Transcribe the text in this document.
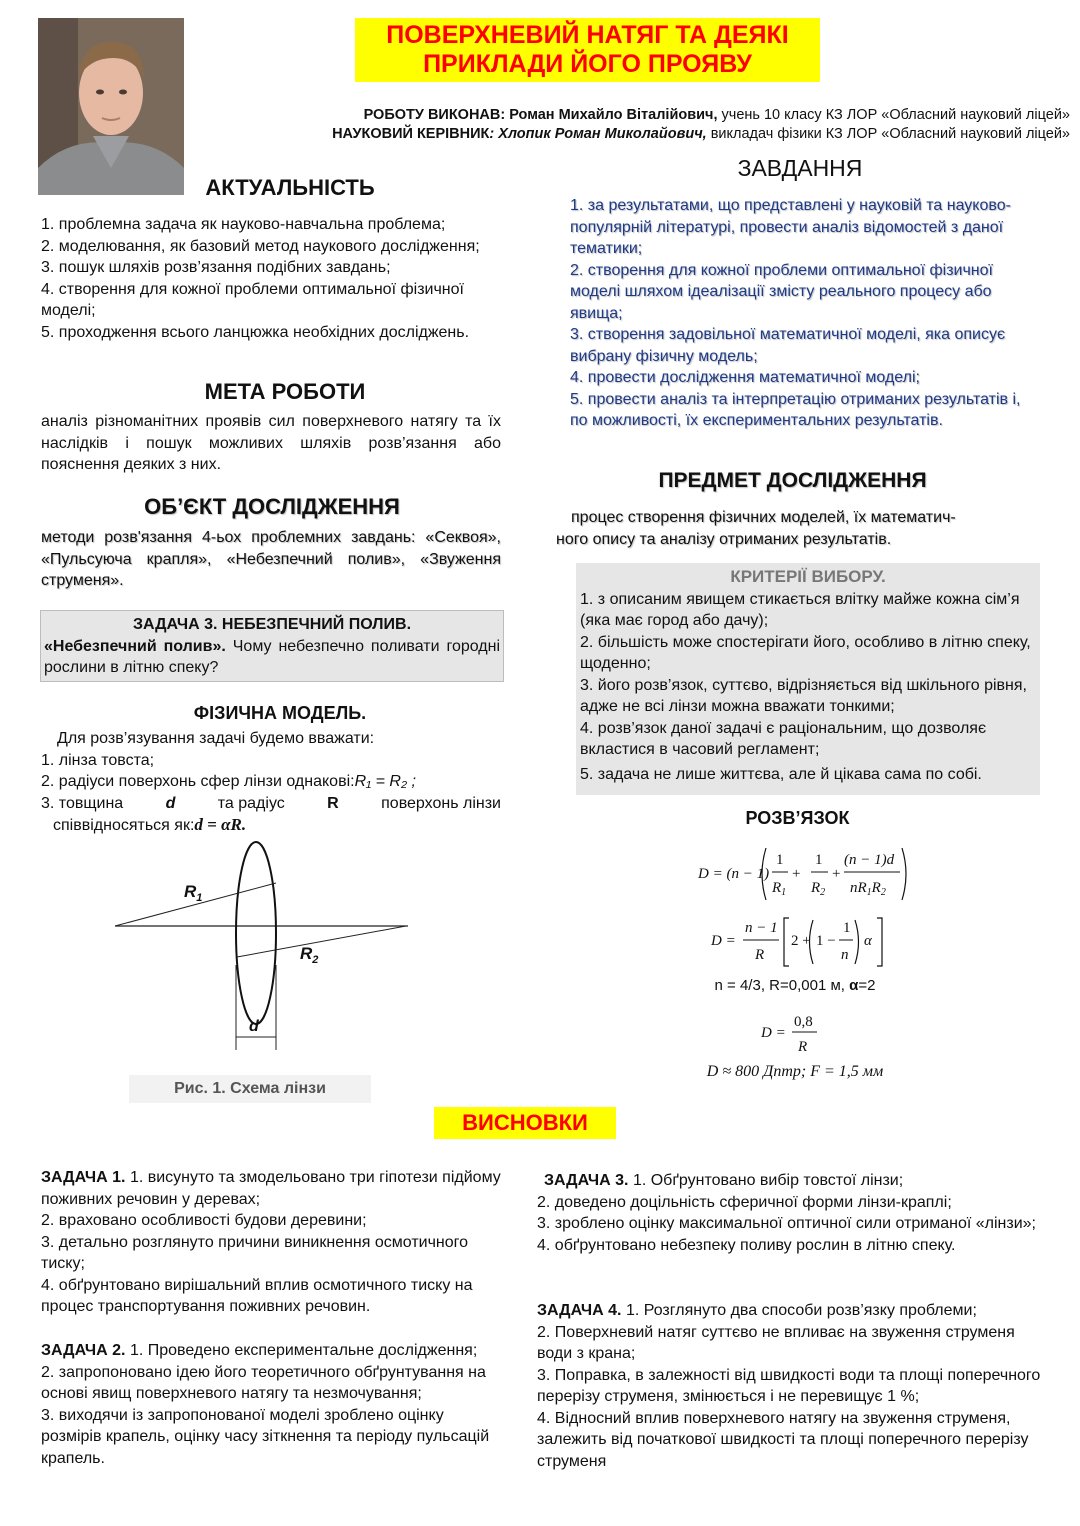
ПОВЕРХНЕВИЙ НАТЯГ ТА ДЕЯКІ
ПРИКЛАДИ ЙОГО ПРОЯВУ

РОБОТУ ВИКОНАВ: Роман Михайло Віталійович, учень 10 класу КЗ ЛОР «Обласний науковий ліцей»

НАУКОВИЙ КЕРІВНИК: Хлопик Роман Миколайович, викладач фізики КЗ ЛОР «Обласний науковий ліцей»

АКТУАЛЬНІСТЬ

1. проблемна задача як науково-навчальна проблема;

2. моделювання, як базовий метод наукового дослідження;

3. пошук шляхів розв’язання подібних завдань;

4. створення для кожної проблеми оптимальної фізичної моделі;

5. проходження всього ланцюжка необхідних досліджень.

МЕТА РОБОТИ
аналіз різноманітних проявів сил поверхневого натягу та їх наслідків і пошук можливих шляхів розв’язання або пояснення деяких з них.
ОБ’ЄКТ ДОСЛІДЖЕННЯ
методи розв'язання 4-ьох проблемних завдань: «Секвоя», «Пульсуюча крапля», «Небезпечний полив», «Звуження струменя».
ЗАДАЧА 3. НЕБЕЗПЕЧНИЙ ПОЛИВ.
«Небезпечний полив». Чому небезпечно поливати городні рослини в літню спеку?
ФІЗИЧНА МОДЕЛЬ.

Для розв’язування задачі будемо вважати:

1. лінза товста;

2. радіуси поверхонь сфер лінзи однакові:R₁ = R₂ ;

3. товщина	d	та радіус	R	поверхонь лінзи

співвідносяться як:d = αR.

$R_1$
$R_2$
d
Рис. 1. Схема лінзи
ЗАВДАННЯ

1. за результатами, що представлені у науковій та науково-популярній літературі, провести аналіз відомостей з даної тематики;

2. створення для кожної проблеми оптимальної фізичної моделі шляхом ідеалізації змісту реального процесу або явища;

3. створення задовільної математичної моделі, яка описує вибрану фізичну модель;

4. провести дослідження математичної моделі;

5. провести аналіз та інтерпретацію отриманих результатів і, по можливості, їх експериментальних результатів.

ПРЕДМЕТ ДОСЛІДЖЕННЯ

процес створення фізичних моделей, їх математич-

ного опису та аналізу отриманих результатів.

КРИТЕРІЇ ВИБОРУ.
1. з описаним явищем стикається влітку майже кожна сім’я (яка має город або дачу);
2. більшість може спостерігати його, особливо в літню спеку, щоденно;
3. його розв’язок, суттєво, відрізняється від шкільного рівня, адже не всі лінзи можна вважати тонкими;
4. розв’язок даної задачі є раціональним, що дозволяє вкластися в часовий регламент;
5. задача не лише життєва, але й цікава сама по собі.
РОЗВ’ЯЗОК
D = (n − 1)
1
$R_1$
+
1
$R_2$
+
(n − 1)d
$nR_1R_2$
D =
n − 1
R
2 + 1 −
1
n
α
n = 4/3, R=0,001 м, α=2
D =
0,8
R
D ≈ 800 Дптр; F = 1,5 мм
ВИСНОВКИ

ЗАДАЧА 1. 1. висунуто та змодельовано три гіпотези підйому поживних речовин у деревах;

2. враховано особливості будови деревини;

3. детально розглянуто причини виникнення осмотичного тиску;

4. обґрунтовано вирішальний вплив осмотичного тиску на процес транспортування поживних речовин.

ЗАДАЧА 2. 1. Проведено експериментальне дослідження;

2. запропоновано ідею його теоретичного обґрунтування на основі явищ поверхневого натягу та незмочування;

3. виходячи із запропонованої моделі зроблено оцінку розмірів крапель, оцінку часу зіткнення та періоду пульсацій крапель.

ЗАДАЧА 3. 1. Обґрунтовано вибір товстої лінзи;

2. доведено доцільність сферичної форми лінзи-краплі;

3. зроблено оцінку максимальної оптичної сили отриманої «лінзи»;

4. обґрунтовано небезпеку поливу рослин в літню спеку.

ЗАДАЧА 4. 1. Розглянуто два способи розв’язку проблеми;

2. Поверхневий натяг суттєво не впливає на звуження струменя води з крана;

3. Поправка, в залежності від швидкості води та площі поперечного перерізу струменя, змінюється і не перевищує 1 %;

4. Відносний вплив поверхневого натягу на звуження струменя, залежить від початкової швидкості та площі поперечного перерізу струменя
